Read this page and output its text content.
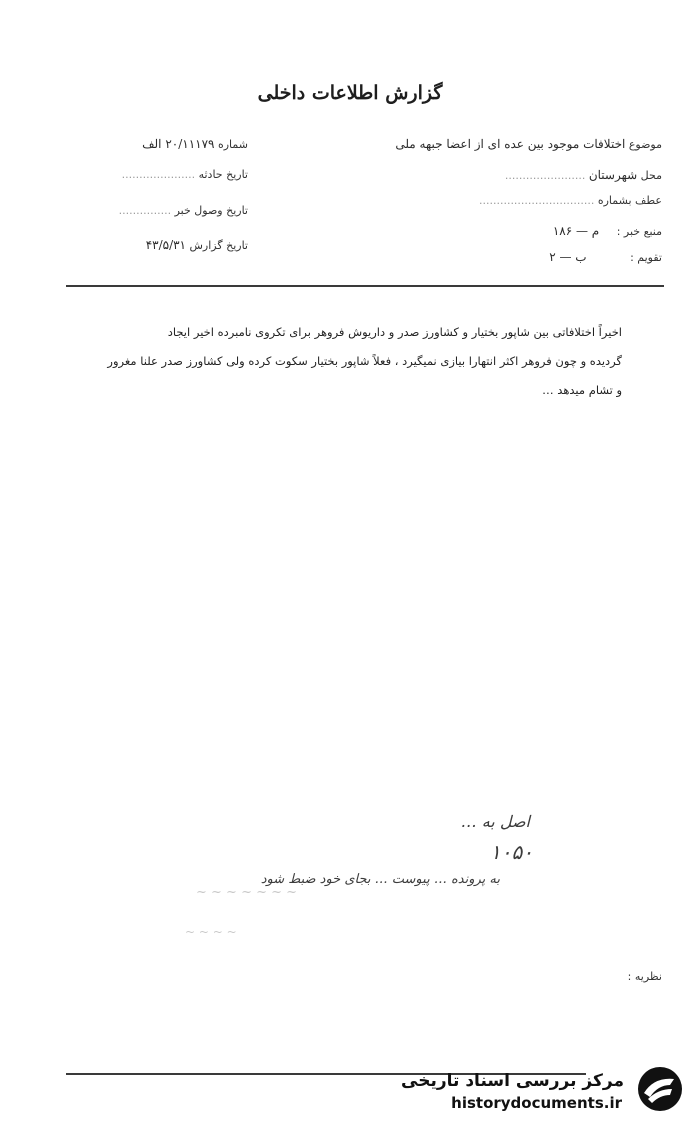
گزارش اطلاعات داخلی
موضوع اختلافات موجود بین عده ای از اعضا جبهه ملی
محل شهرستان .......................
عطف بشماره .................................
منبع خبر : م — ۱۸۶
تقویم : ب — ۲
شماره ۲۰/۱۱۱۷۹ الف
تاریخ حادثه .....................
تاریخ وصول خبر ...............
تاریخ گزارش ۴۳/۵/۳۱
اخیراً اختلافاتی بین شاپور بختیار و کشاورز صدر و داریوش فروهر برای تکروی نامبرده اخیر ایجاد
گردیده و چون فروهر اکثر انتهارا بیازی نمیگیرد ، فعلاً شاپور بختیار سکوت کرده ولی کشاورز صدر علنا مغرور
و تشام میدهد …
اصل به …
۱۰۵۰
به پرونده … پیوست … بجای خود ضبط شود
~ ~ ~ ~ ~ ~ ~
~ ~ ~ ~
نظریه :
مرکز بررسی اسناد تاریخی
historydocuments.ir
